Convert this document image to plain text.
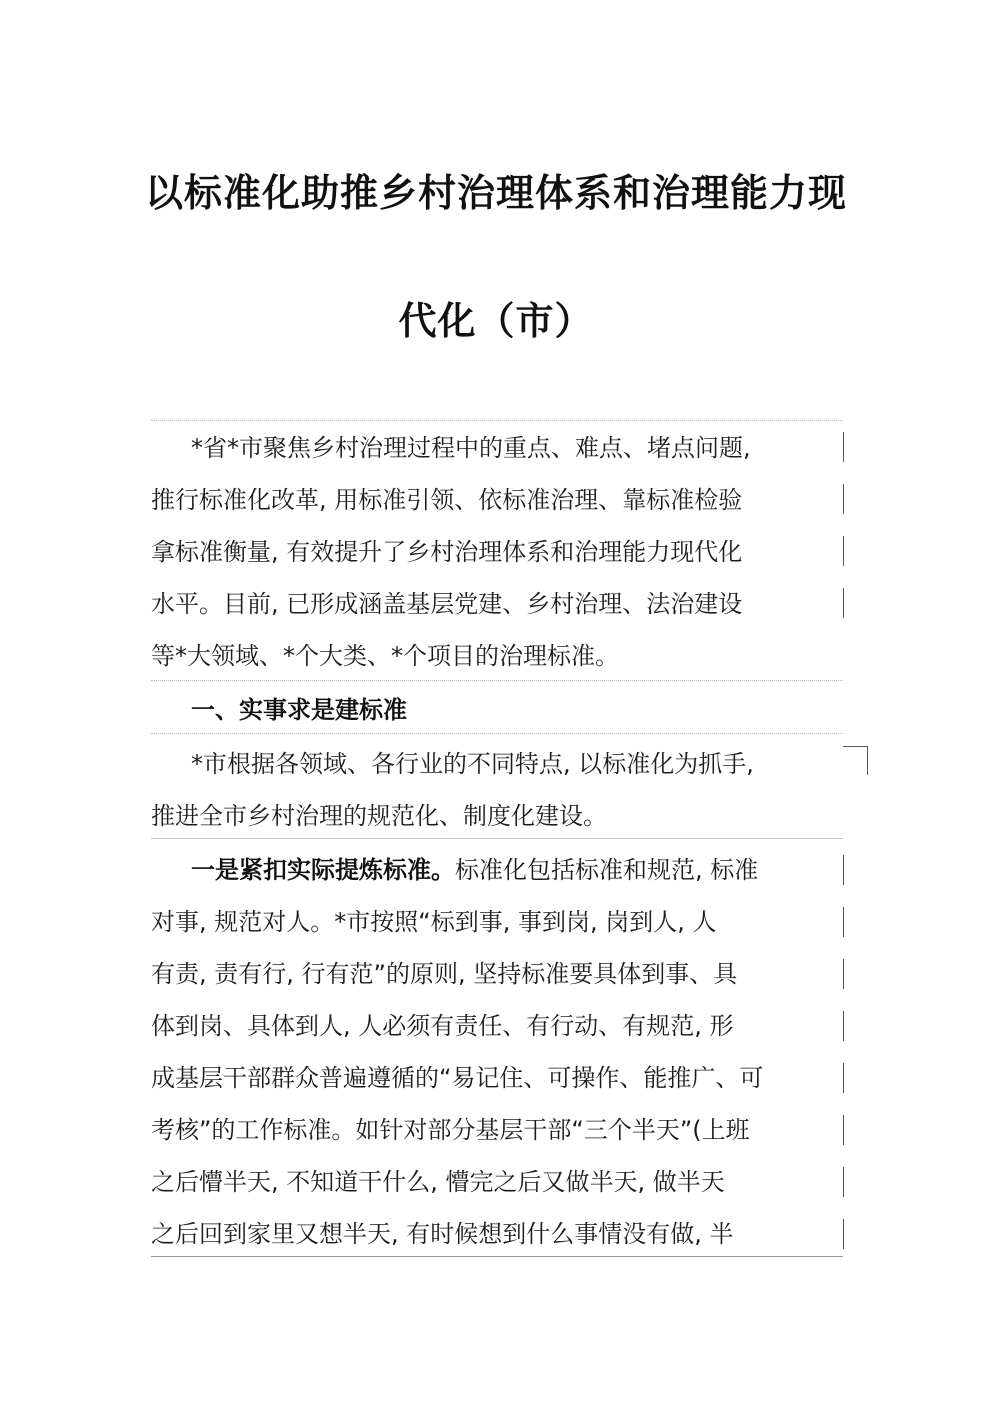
以标准化助推乡村治理体系和治理能力现
代化（市）
*省*市聚焦乡村治理过程中的重点、难点、堵点问题,
推行标准化改革, 用标准引领、依标准治理、靠标准检验
拿标准衡量, 有效提升了乡村治理体系和治理能力现代化
水平。目前, 已形成涵盖基层党建、乡村治理、法治建设
等*大领域、*个大类、*个项目的治理标准。
一、实事求是建标准
*市根据各领域、各行业的不同特点, 以标准化为抓手,
推进全市乡村治理的规范化、制度化建设。
一是紧扣实际提炼标准。标准化包括标准和规范, 标准
对事, 规范对人。*市按照“标到事, 事到岗, 岗到人, 人
有责, 责有行, 行有范”的原则, 坚持标准要具体到事、具
体到岗、具体到人, 人必须有责任、有行动、有规范, 形
成基层干部群众普遍遵循的“易记住、可操作、能推广、可
考核”的工作标准。如针对部分基层干部“三个半天”(上班
之后懵半天, 不知道干什么, 懵完之后又做半天, 做半天
之后回到家里又想半天, 有时候想到什么事情没有做, 半
